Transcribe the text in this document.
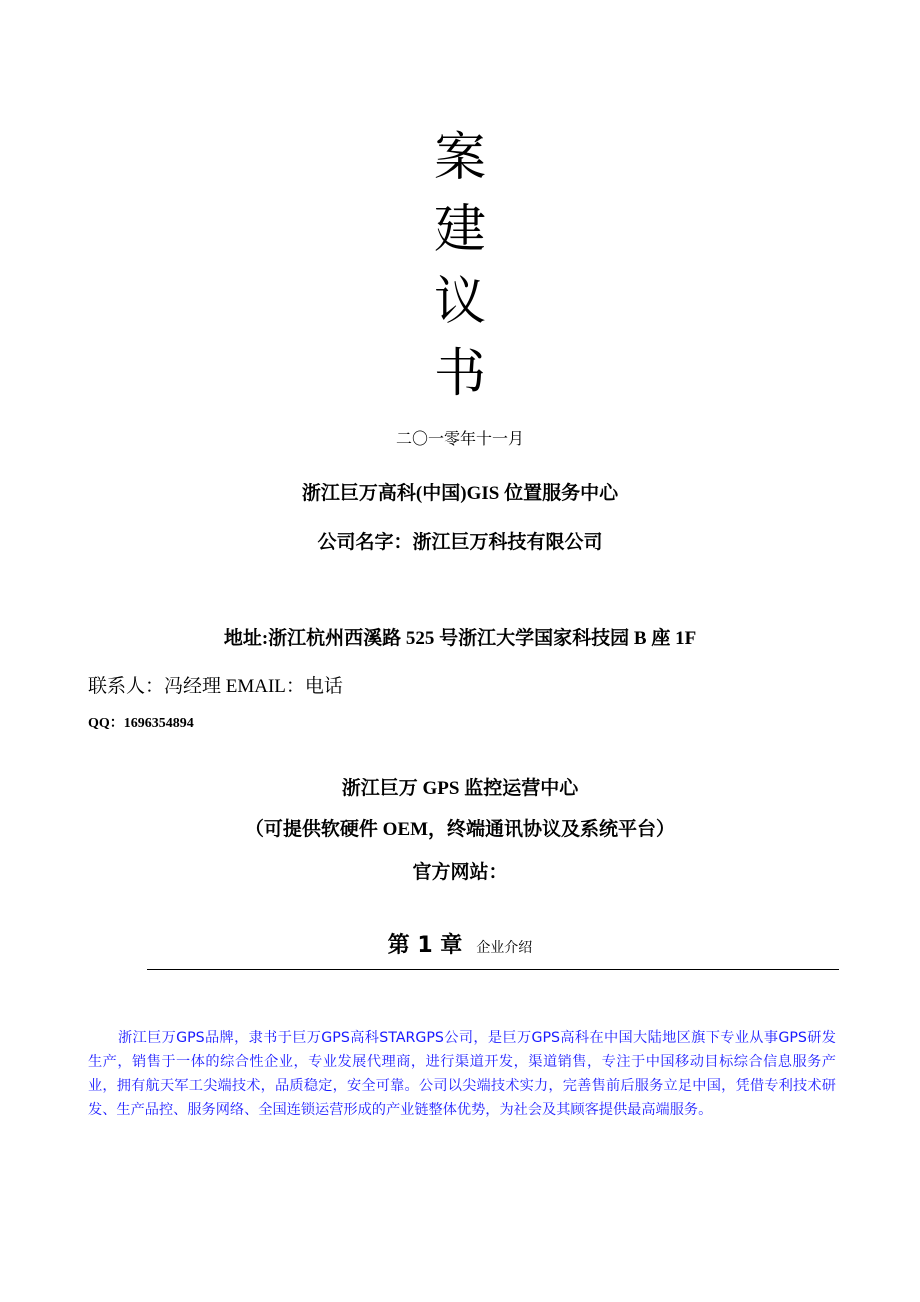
案
建
议
书
二〇一零年十一月
浙江巨万高科(中国)GIS 位置服务中心
公司名字：浙江巨万科技有限公司
地址:浙江杭州西溪路 525 号浙江大学国家科技园 B 座 1F
联系人：冯经理 EMAIL：电话
QQ：1696354894
浙江巨万 GPS 监控运营中心
（可提供软硬件 OEM，终端通讯协议及系统平台）
官方网站：
第 1 章 企业介绍

浙江巨万GPS品牌，隶书于巨万GPS高科STARGPS公司，是巨万GPS高科在中国大陆地区旗下专业从事GPS研发生产，销售于一体的综合性企业，专业发展代理商，进行渠道开发，渠道销售，专注于中国移动目标综合信息服务产业，拥有航天军工尖端技术，品质稳定，安全可靠。公司以尖端技术实力，完善售前后服务立足中国，凭借专利技术研发、生产品控、服务网络、全国连锁运营形成的产业链整体优势，为社会及其顾客提供最高端服务。
